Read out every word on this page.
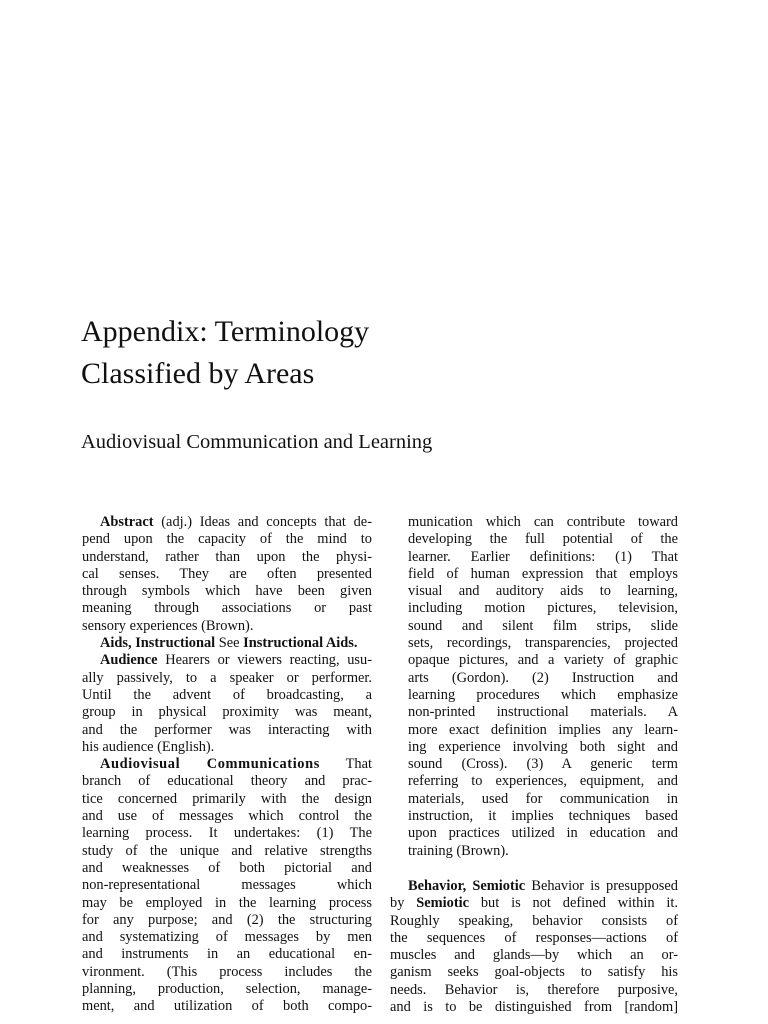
Appendix: Terminology
Classified by Areas
Audiovisual Communication and Learning
Abstract (adj.) Ideas and concepts that de-
pend upon the capacity of the mind to
understand, rather than upon the physi-
cal senses. They are often presented
through symbols which have been given
meaning through associations or past
sensory experiences (Brown).
Aids, Instructional See Instructional Aids.
Audience Hearers or viewers reacting, usu-
ally passively, to a speaker or performer.
Until the advent of broadcasting, a
group in physical proximity was meant,
and the performer was interacting with
his audience (English).
Audiovisual Communications That
branch of educational theory and prac-
tice concerned primarily with the design
and use of messages which control the
learning process. It undertakes: (1) The
study of the unique and relative strengths
and weaknesses of both pictorial and
non-representational messages which
may be employed in the learning process
for any purpose; and (2) the structuring
and systematizing of messages by men
and instruments in an educational en-
vironment. (This process includes the
planning, production, selection, manage-
ment, and utilization of both compo-
munication which can contribute toward
developing the full potential of the
learner. Earlier definitions: (1) That
field of human expression that employs
visual and auditory aids to learning,
including motion pictures, television,
sound and silent film strips, slide
sets, recordings, transparencies, projected
opaque pictures, and a variety of graphic
arts (Gordon). (2) Instruction and
learning procedures which emphasize
non-printed instructional materials. A
more exact definition implies any learn-
ing experience involving both sight and
sound (Cross). (3) A generic term
referring to experiences, equipment, and
materials, used for communication in
instruction, it implies techniques based
upon practices utilized in education and
training (Brown).
Behavior, Semiotic Behavior is presupposed
by Semiotic but is not defined within it.
Roughly speaking, behavior consists of
the sequences of responses—actions of
muscles and glands—by which an or-
ganism seeks goal-objects to satisfy his
needs. Behavior is, therefore purposive,
and is to be distinguished from [random]
